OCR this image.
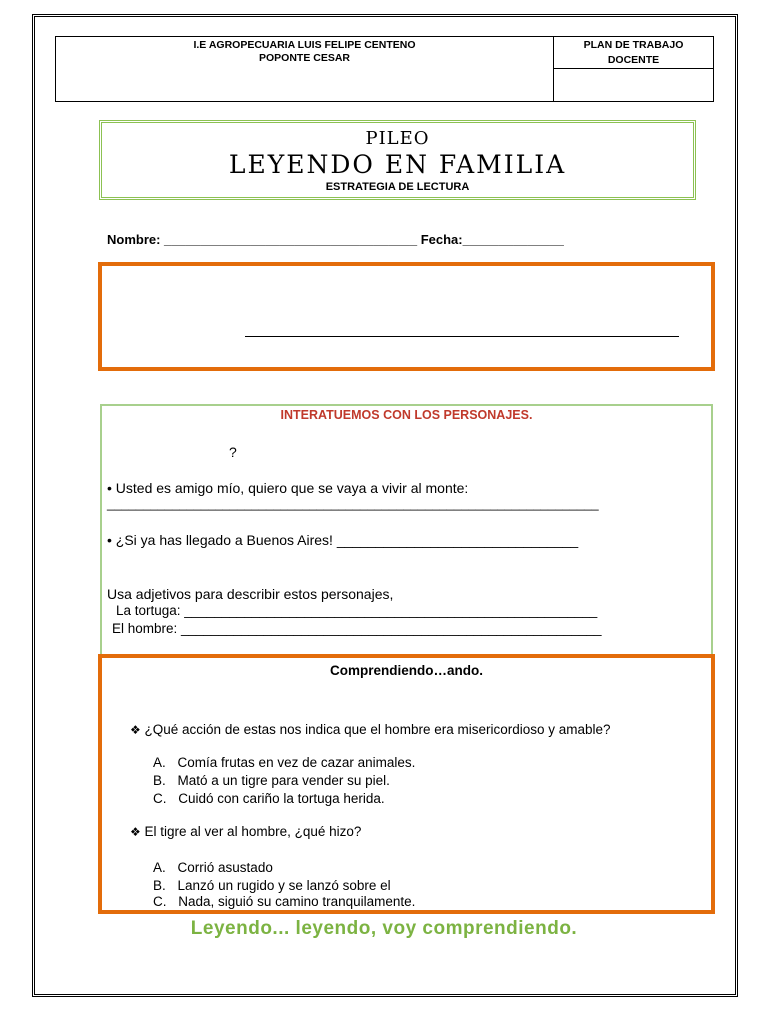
I.E AGROPECUARIA LUIS FELIPE CENTENO
POPONTE CESAR
PLAN DE TRABAJO
DOCENTE
PILEO
LEYENDO EN FAMILIA
ESTRATEGIA DE LECTURA
Nombre: ___________________________________ Fecha:______________
INTERATUEMOS CON LOS PERSONAJES.
?
• Usted es amigo mío, quiero que se vaya a vivir al monte:
____________________________________________________________________
• ¿Si ya has llegado a Buenos Aires! _______________________________
Usa adjetivos para describir estos personajes,
La tortuga: _______________________________________________________
El hombre: ________________________________________________________
Comprendiendo…ando.
❖ ¿Qué acción de estas nos indica que el hombre era misericordioso y amable?
A. Comía frutas en vez de cazar animales.
B. Mató a un tigre para vender su piel.
C. Cuidó con cariño la tortuga herida.
❖ El tigre al ver al hombre, ¿qué hizo?
A. Corrió asustado
B. Lanzó un rugido y se lanzó sobre el
C. Nada, siguió su camino tranquilamente.
Leyendo... leyendo, voy comprendiendo.
